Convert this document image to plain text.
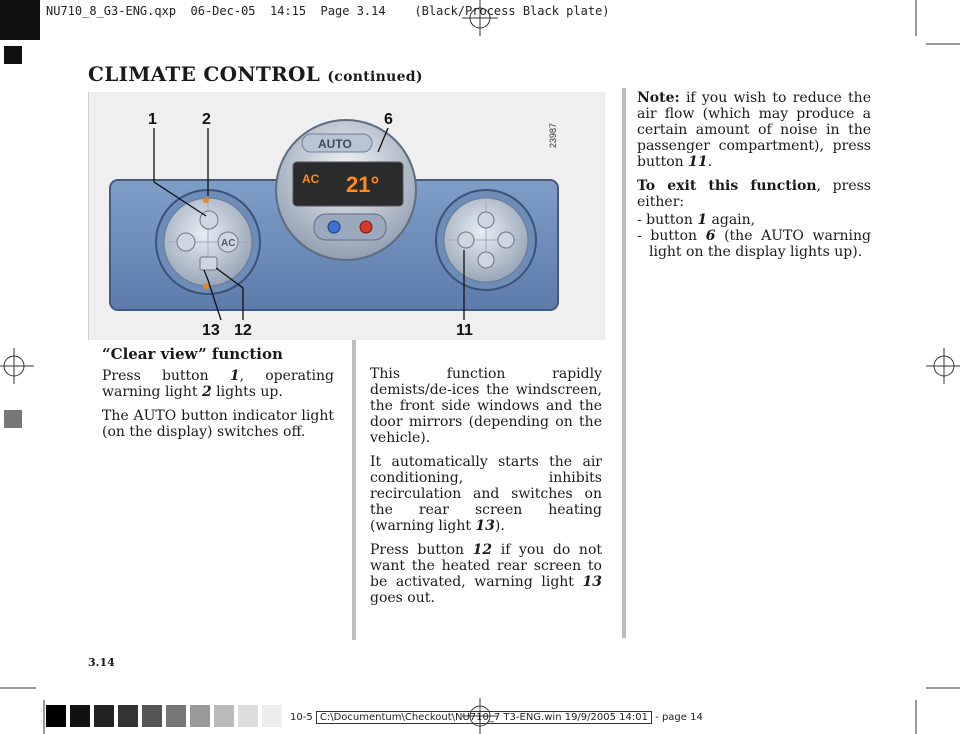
NU710_8_G3-ENG.qxp  06-Dec-05  14:15  Page 3.14    (Black/Process Black plate)
CLIMATE CONTROL (continued)
AC
AUTO
AC 21°
23987
1	2	6
13 12	11
“Clear view” function

Press button 1, operating warning light 2 lights up.

The AUTO button indicator light (on the display) switches off.

This function rapidly demists/de-ices the windscreen, the front side windows and the door mirrors (depending on the vehicle).

It automatically starts the air conditioning, inhibits recirculation and switches on the rear screen heating (warning light 13).

Press button 12 if you do not want the heated rear screen to be activated, warning light 13 goes out.

Note: if you wish to reduce the air flow (which may produce a certain amount of noise in the passenger compartment), press button 11.

To exit this function, press either:

- button 1 again,

- button 6 (the AUTO warning light on the display lights up).

3.14
10-5 C:\Documentum\Checkout\NU710_7 T3-ENG.win 19/9/2005 14:01 - page 14
